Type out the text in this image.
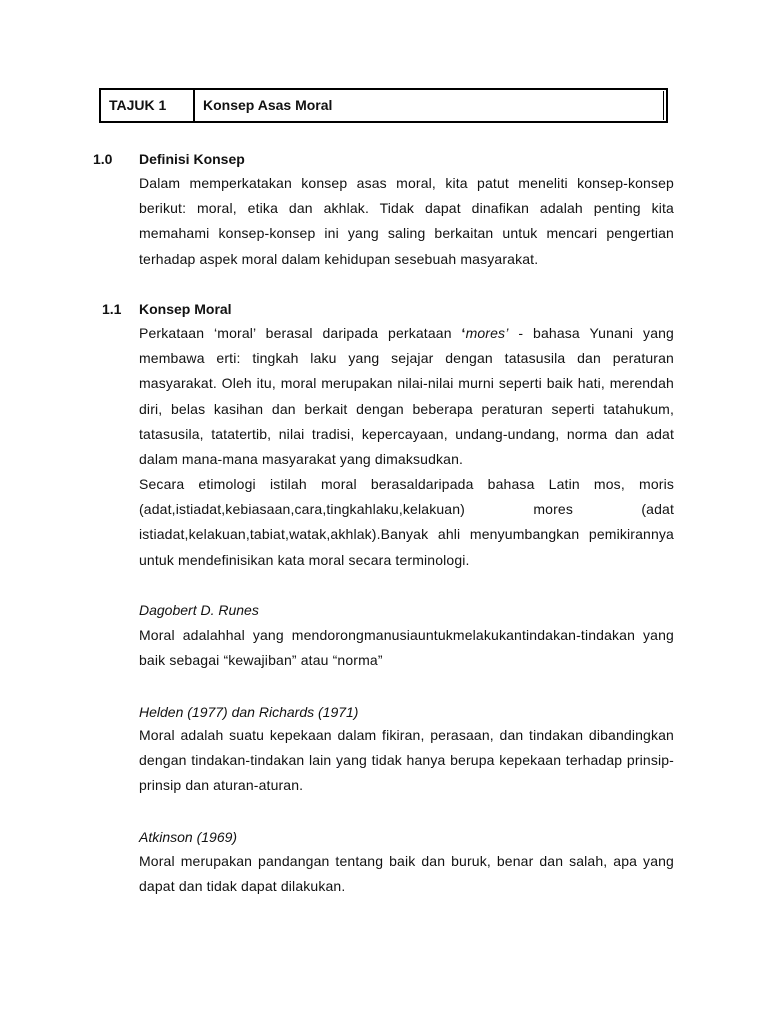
TAJUK 1	Konsep Asas Moral
1.0 Definisi Konsep

Dalam memperkatakan konsep asas moral, kita patut meneliti konsep-konsep berikut: moral, etika dan akhlak. Tidak dapat dinafikan adalah penting kita memahami konsep-konsep ini yang saling berkaitan untuk mencari pengertian terhadap aspek moral dalam kehidupan sesebuah masyarakat.

1.1 Konsep Moral

Perkataan ‘moral’ berasal daripada perkataan ‘mores’ - bahasa Yunani yang membawa erti: tingkah laku yang sejajar dengan tatasusila dan peraturan masyarakat. Oleh itu, moral merupakan nilai-nilai murni seperti baik hati, merendah diri, belas kasihan dan berkait dengan beberapa peraturan seperti tatahukum, tatasusila, tatatertib, nilai tradisi, kepercayaan, undang-undang, norma dan adat dalam mana-mana masyarakat yang dimaksudkan.

Secara etimologi istilah moral berasaldaripada bahasa Latin mos, moris (adat,istiadat,kebiasaan,cara,tingkahlaku,kelakuan) mores (adat istiadat,kelakuan,tabiat,watak,akhlak).Banyak ahli menyumbangkan pemikirannya untuk mendefinisikan kata moral secara terminologi.

Dagobert D. Runes

Moral adalahhal yang mendorongmanusiauntukmelakukantindakan-tindakan yang baik sebagai “kewajiban” atau “norma”

Helden (1977) dan Richards (1971)

Moral adalah suatu kepekaan dalam fikiran, perasaan, dan tindakan dibandingkan dengan tindakan-tindakan lain yang tidak hanya berupa kepekaan terhadap prinsip-prinsip dan aturan-aturan.

Atkinson (1969)

Moral merupakan pandangan tentang baik dan buruk, benar dan salah, apa yang dapat dan tidak dapat dilakukan.
